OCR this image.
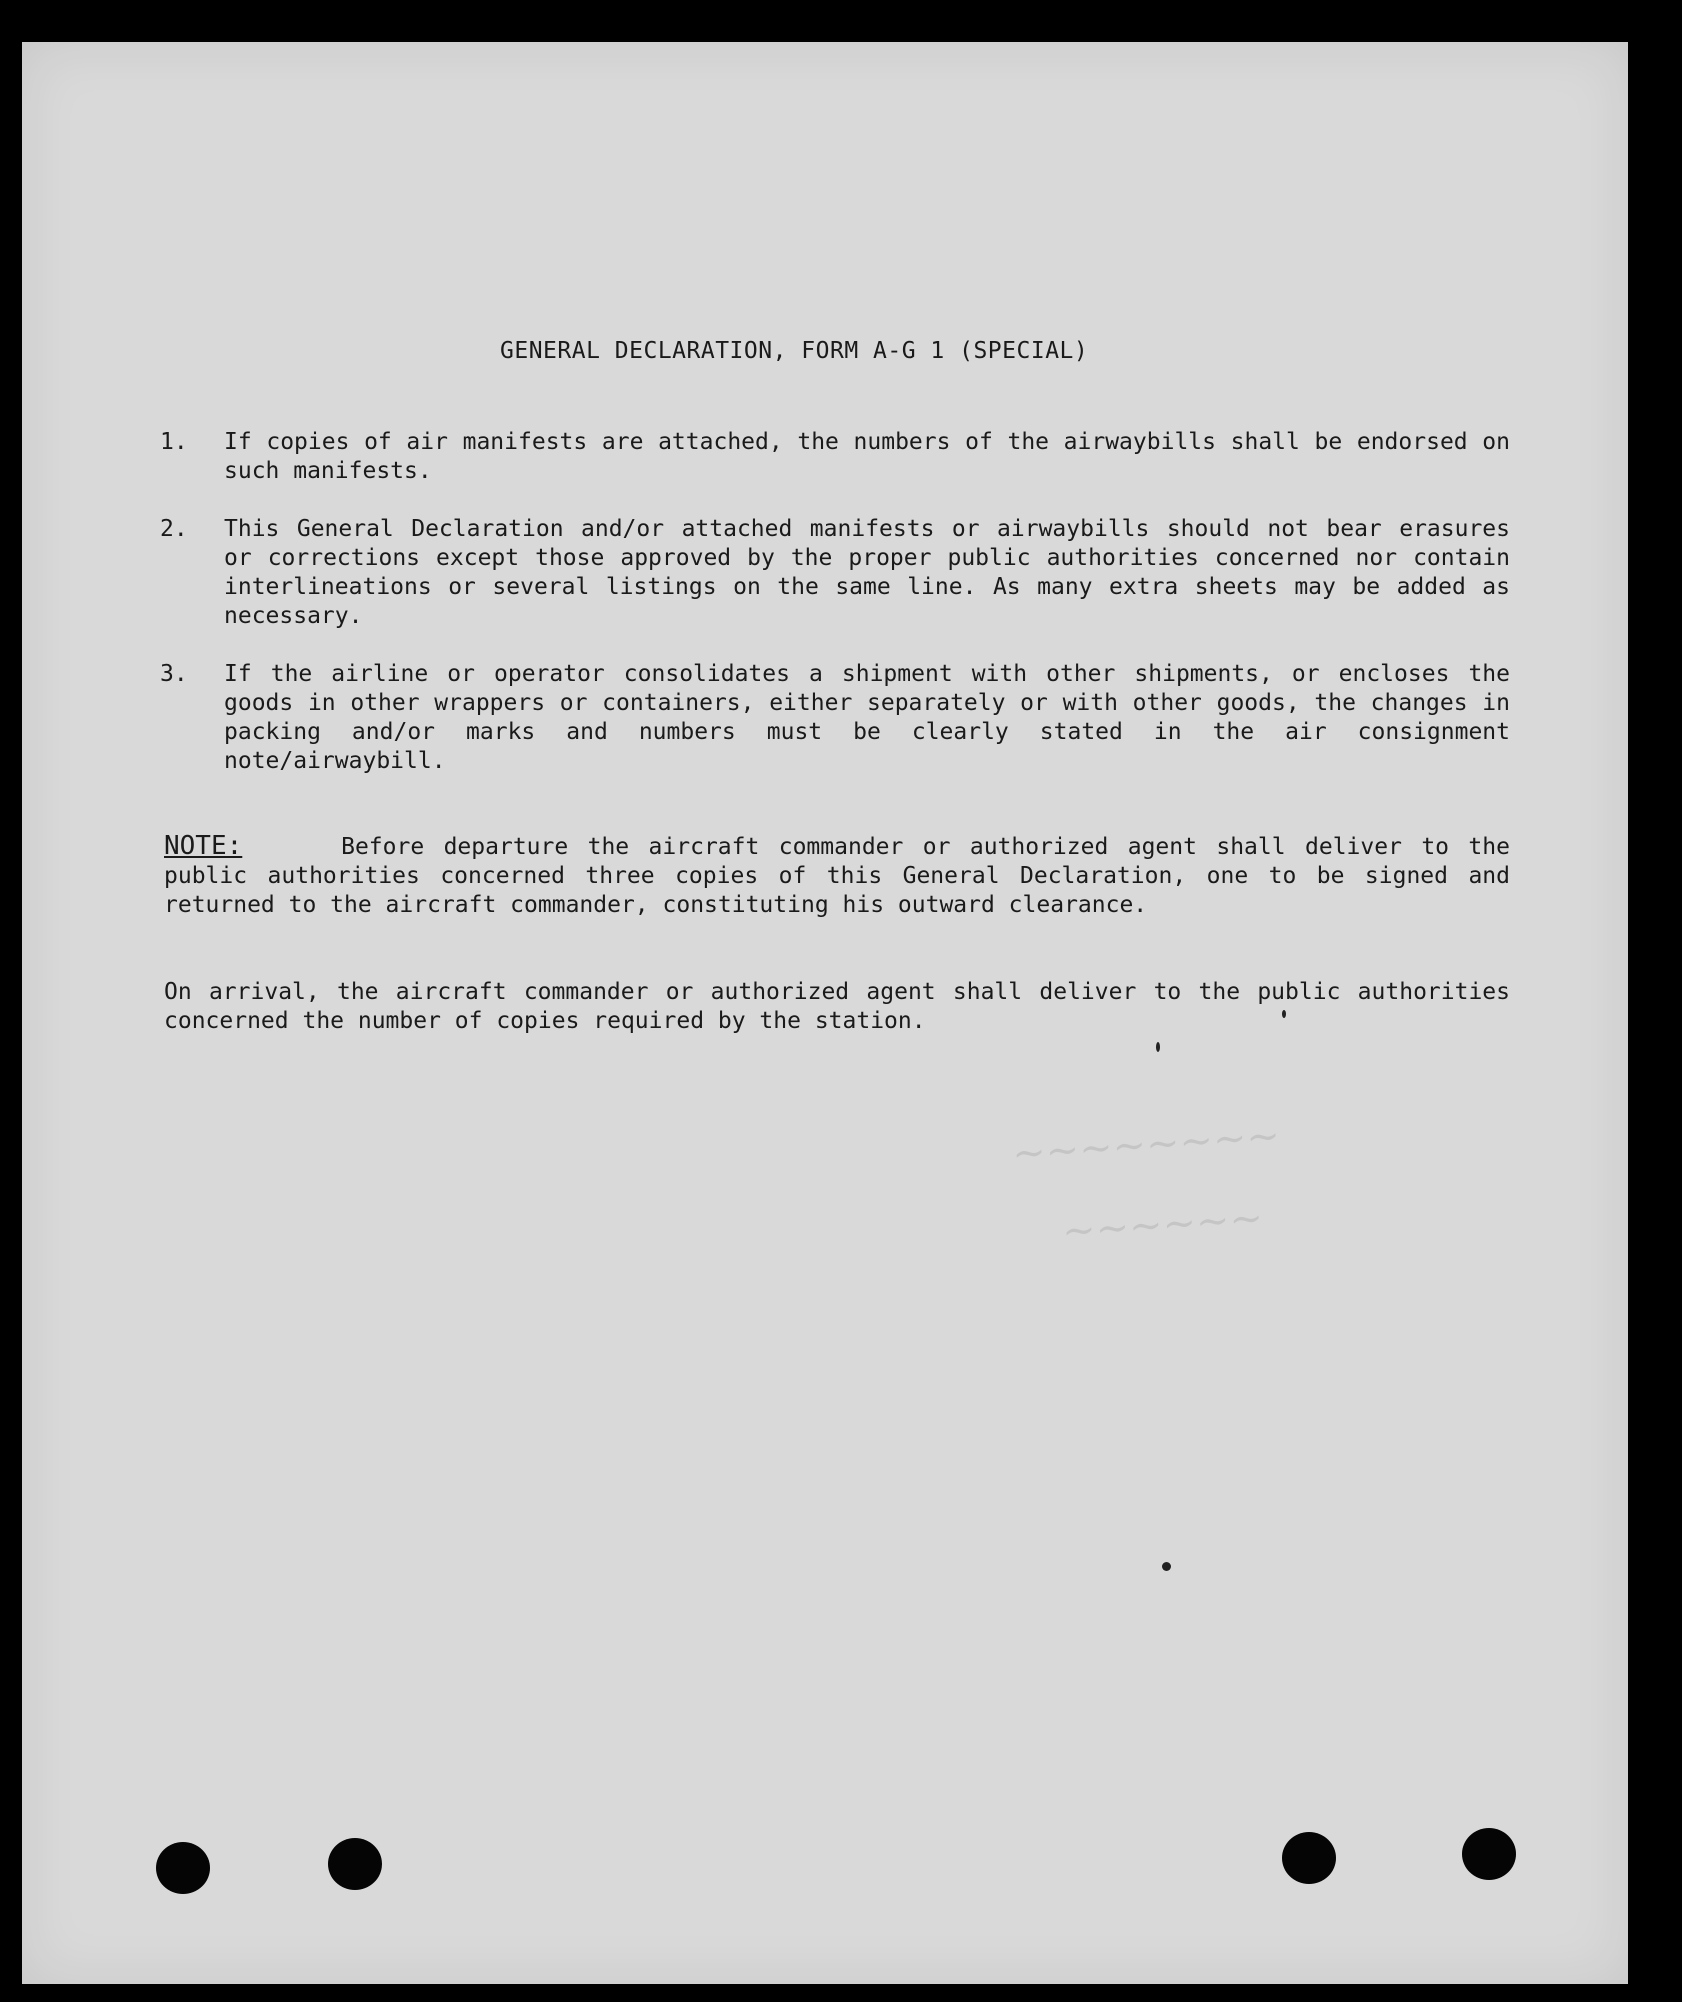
GENERAL DECLARATION, FORM A-G 1 (SPECIAL)
1.	If copies of air manifests are attached, the numbers of the airwaybills shall be endorsed on such manifests.
2.	This General Declaration and/or attached manifests or airwaybills should not bear erasures or corrections except those approved by the proper public authorities concerned nor contain interlineations or several listings on the same line. As many extra sheets may be added as necessary.
3.	If the airline or operator consolidates a shipment with other shipments, or encloses the goods in other wrappers or containers, either separately or with other goods, the changes in packing and/or marks and numbers must be clearly stated in the air consignment note/airwaybill.
NOTE:	Before departure the aircraft commander or authorized agent shall deliver to the public authorities concerned three copies of this General Declaration, one to be signed and returned to the aircraft commander, constituting his outward clearance.
On arrival, the aircraft commander or authorized agent shall deliver to the public authorities concerned the number of copies required by the station.
~~~~~~~~
~~~~~~
